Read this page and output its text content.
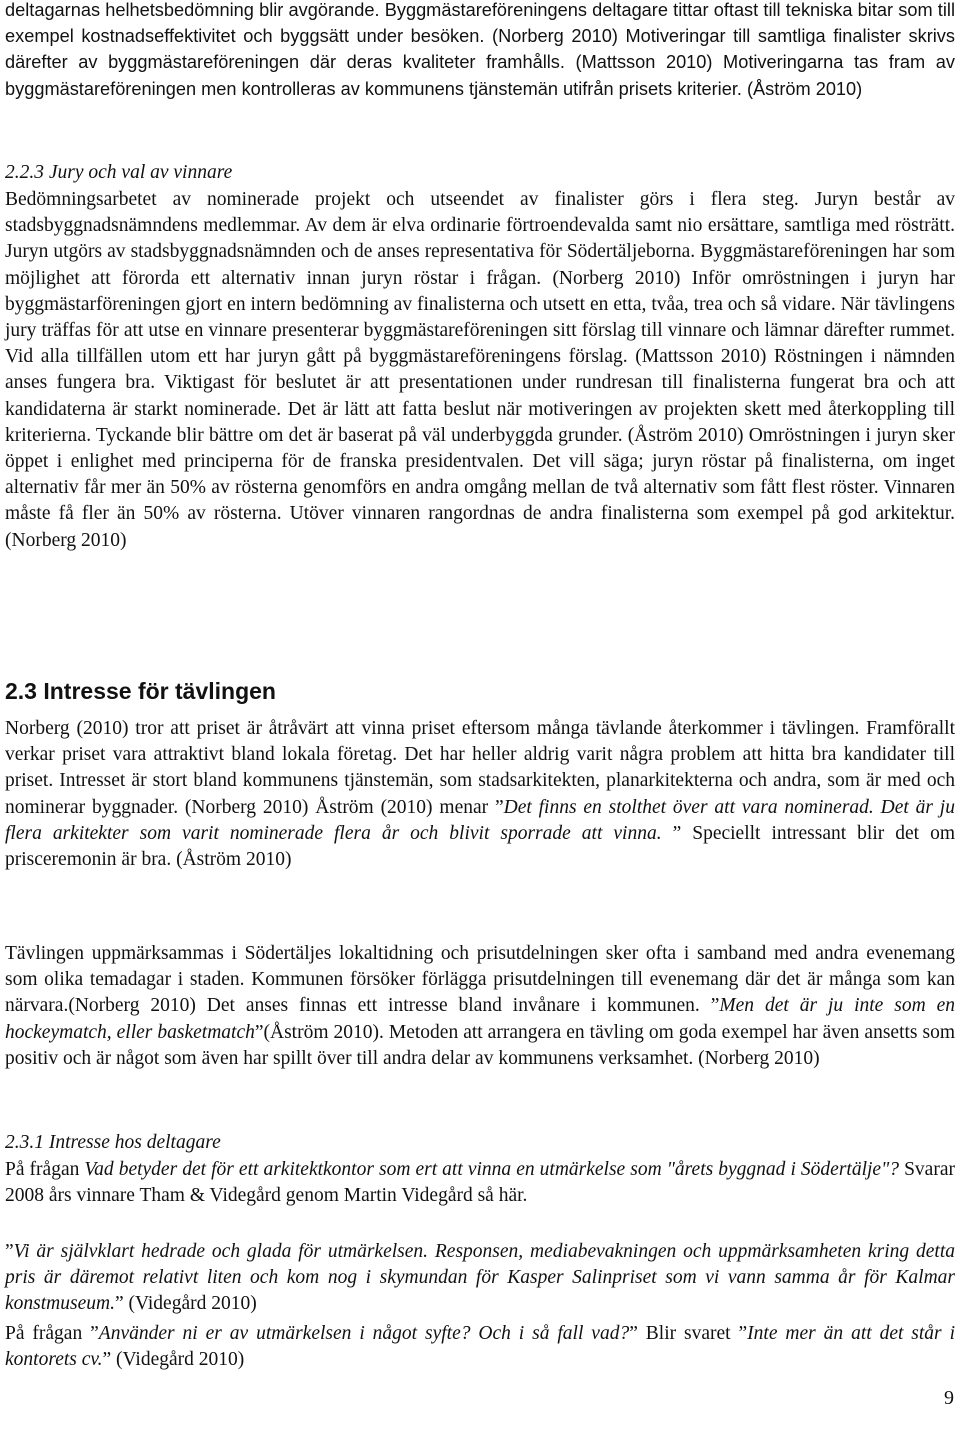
deltagarnas helhetsbedömning blir avgörande. Byggmästareföreningens deltagare tittar oftast till tekniska bitar som till exempel kostnadseffektivitet och byggsätt under besöken. (Norberg 2010) Motiveringar till samtliga finalister skrivs därefter av byggmästareföreningen där deras kvaliteter framhålls. (Mattsson 2010) Motiveringarna tas fram av byggmästareföreningen men kontrolleras av kommunens tjänstemän utifrån prisets kriterier. (Åström 2010)

2.2.3 Jury och val av vinnare

Bedömningsarbetet av nominerade projekt och utseendet av finalister görs i flera steg. Juryn består av stadsbyggnadsnämndens medlemmar. Av dem är elva ordinarie förtroendevalda samt nio ersättare, samtliga med rösträtt. Juryn utgörs av stadsbyggnadsnämnden och de anses representativa för Södertäljeborna. Byggmästareföreningen har som möjlighet att förorda ett alternativ innan juryn röstar i frågan. (Norberg 2010) Inför omröstningen i juryn har byggmästarföreningen gjort en intern bedömning av finalisterna och utsett en etta, tvåa, trea och så vidare. När tävlingens jury träffas för att utse en vinnare presenterar byggmästareföreningen sitt förslag till vinnare och lämnar därefter rummet. Vid alla tillfällen utom ett har juryn gått på byggmästareföreningens förslag. (Mattsson 2010) Röstningen i nämnden anses fungera bra. Viktigast för beslutet är att presentationen under rundresan till finalisterna fungerat bra och att kandidaterna är starkt nominerade. Det är lätt att fatta beslut när motiveringen av projekten skett med återkoppling till kriterierna. Tyckande blir bättre om det är baserat på väl underbyggda grunder. (Åström 2010) Omröstningen i juryn sker öppet i enlighet med principerna för de franska presidentvalen. Det vill säga; juryn röstar på finalisterna, om inget alternativ får mer än 50% av rösterna genomförs en andra omgång mellan de två alternativ som fått flest röster. Vinnaren måste få fler än 50% av rösterna. Utöver vinnaren rangordnas de andra finalisterna som exempel på god arkitektur. (Norberg 2010)

2.3 Intresse för tävlingen

Norberg (2010) tror att priset är åtråvärt att vinna priset eftersom många tävlande återkommer i tävlingen. Framförallt verkar priset vara attraktivt bland lokala företag. Det har heller aldrig varit några problem att hitta bra kandidater till priset. Intresset är stort bland kommunens tjänstemän, som stadsarkitekten, planarkitekterna och andra, som är med och nominerar byggnader. (Norberg 2010) Åström (2010) menar ”Det finns en stolthet över att vara nominerad. Det är ju flera arkitekter som varit nominerade flera år och blivit sporrade att vinna. ” Speciellt intressant blir det om prisceremonin är bra. (Åström 2010)

Tävlingen uppmärksammas i Södertäljes lokaltidning och prisutdelningen sker ofta i samband med andra evenemang som olika temadagar i staden. Kommunen försöker förlägga prisutdelningen till evenemang där det är många som kan närvara.(Norberg 2010) Det anses finnas ett intresse bland invånare i kommunen. ”Men det är ju inte som en hockeymatch, eller basketmatch”(Åström 2010). Metoden att arrangera en tävling om goda exempel har även ansetts som positiv och är något som även har spillt över till andra delar av kommunens verksamhet. (Norberg 2010)

2.3.1 Intresse hos deltagare

På frågan Vad betyder det för ett arkitektkontor som ert att vinna en utmärkelse som "årets byggnad i Södertälje"? Svarar 2008 års vinnare Tham & Videgård genom Martin Videgård så här.

”Vi är självklart hedrade och glada för utmärkelsen. Responsen, mediabevakningen och uppmärksamheten kring detta pris är däremot relativt liten och kom nog i skymundan för Kasper Salinpriset som vi vann samma år för Kalmar konstmuseum.” (Videgård 2010)

På frågan ”Använder ni er av utmärkelsen i något syfte? Och i så fall vad?” Blir svaret ”Inte mer än att det står i kontorets cv.” (Videgård 2010)

9
